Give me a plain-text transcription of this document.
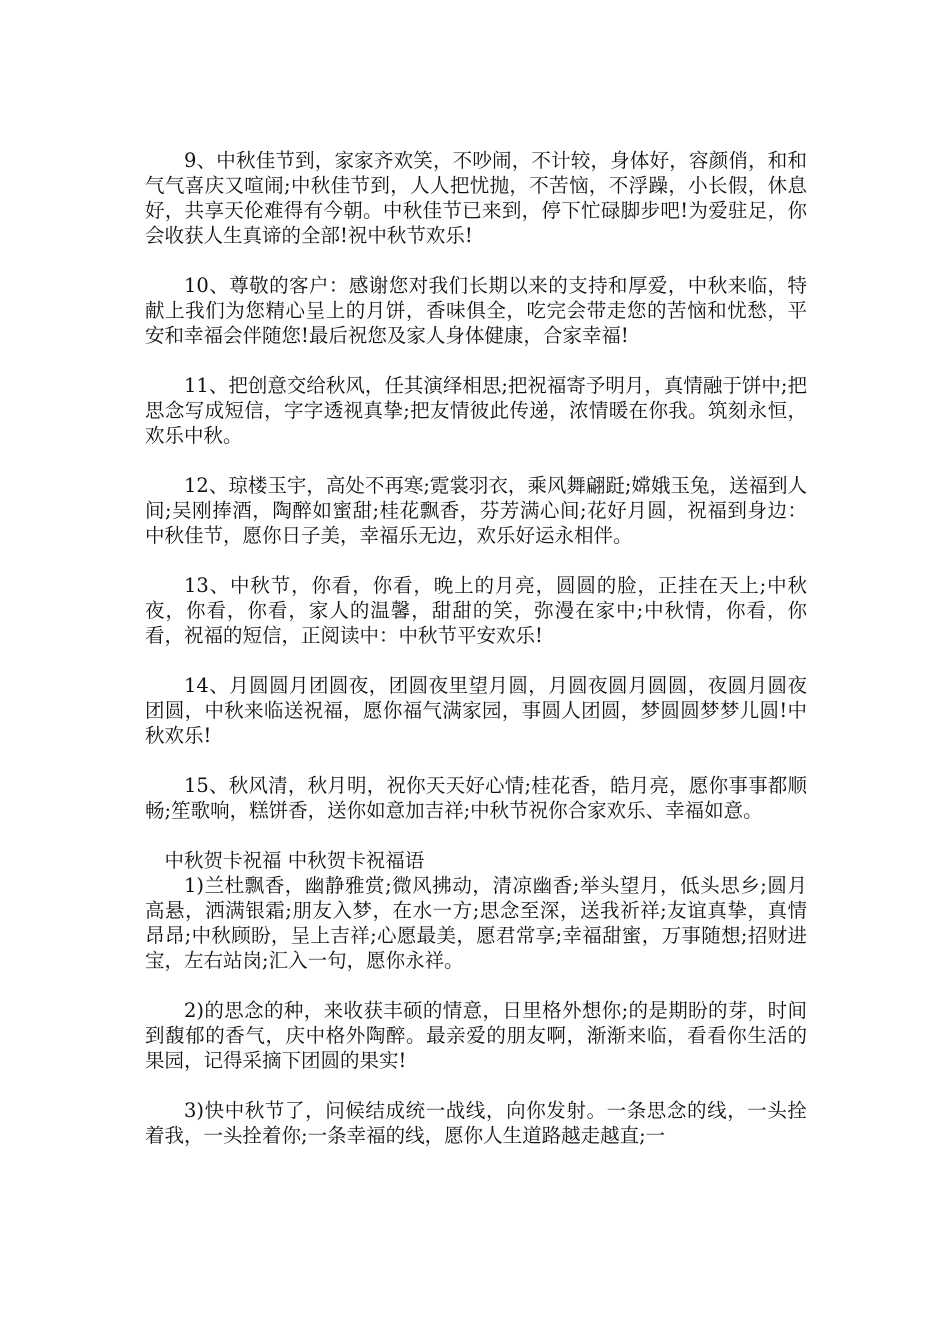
9、中秋佳节到，家家齐欢笑，不吵闹，不计较，身体好，容颜俏，和和气气喜庆又喧闹;中秋佳节到，人人把忧抛，不苦恼，不浮躁，小长假，休息好，共享天伦难得有今朝。中秋佳节已来到，停下忙碌脚步吧!为爱驻足，你会收获人生真谛的全部!祝中秋节欢乐!

10、尊敬的客户：感谢您对我们长期以来的支持和厚爱，中秋来临，特献上我们为您精心呈上的月饼，香味俱全，吃完会带走您的苦恼和忧愁，平安和幸福会伴随您!最后祝您及家人身体健康，合家幸福!

11、把创意交给秋风，任其演绎相思;把祝福寄予明月，真情融于饼中;把思念写成短信，字字透视真挚;把友情彼此传递，浓情暖在你我。筑刻永恒，欢乐中秋。

12、琼楼玉宇，高处不再寒;霓裳羽衣，乘风舞翩跹;嫦娥玉兔，送福到人间;吴刚捧酒，陶醉如蜜甜;桂花飘香，芬芳满心间;花好月圆，祝福到身边：中秋佳节，愿你日子美，幸福乐无边，欢乐好运永相伴。

13、中秋节，你看，你看，晚上的月亮，圆圆的脸，正挂在天上;中秋夜，你看，你看，家人的温馨，甜甜的笑，弥漫在家中;中秋情，你看，你看，祝福的短信，正阅读中：中秋节平安欢乐!

14、月圆圆月团圆夜，团圆夜里望月圆，月圆夜圆月圆圆，夜圆月圆夜团圆，中秋来临送祝福，愿你福气满家园，事圆人团圆，梦圆圆梦梦儿圆!中秋欢乐!

15、秋风清，秋月明，祝你天天好心情;桂花香，皓月亮，愿你事事都顺畅;笙歌响，糕饼香，送你如意加吉祥;中秋节祝你合家欢乐、幸福如意。

中秋贺卡祝福 中秋贺卡祝福语

1)兰杜飘香，幽静雅赏;微风拂动，清凉幽香;举头望月，低头思乡;圆月高悬，洒满银霜;朋友入梦，在水一方;思念至深，送我祈祥;友谊真挚，真情昂昂;中秋顾盼，呈上吉祥;心愿最美，愿君常享;幸福甜蜜，万事随想;招财进宝，左右站岗;汇入一句，愿你永祥。

2)的思念的种，来收获丰硕的情意，日里格外想你;的是期盼的芽，时间到馥郁的香气，庆中格外陶醉。最亲爱的朋友啊，渐渐来临，看看你生活的果园，记得采摘下团圆的果实!

3)快中秋节了，问候结成统一战线，向你发射。一条思念的线，一头拴着我，一头拴着你;一条幸福的线，愿你人生道路越走越直;一
